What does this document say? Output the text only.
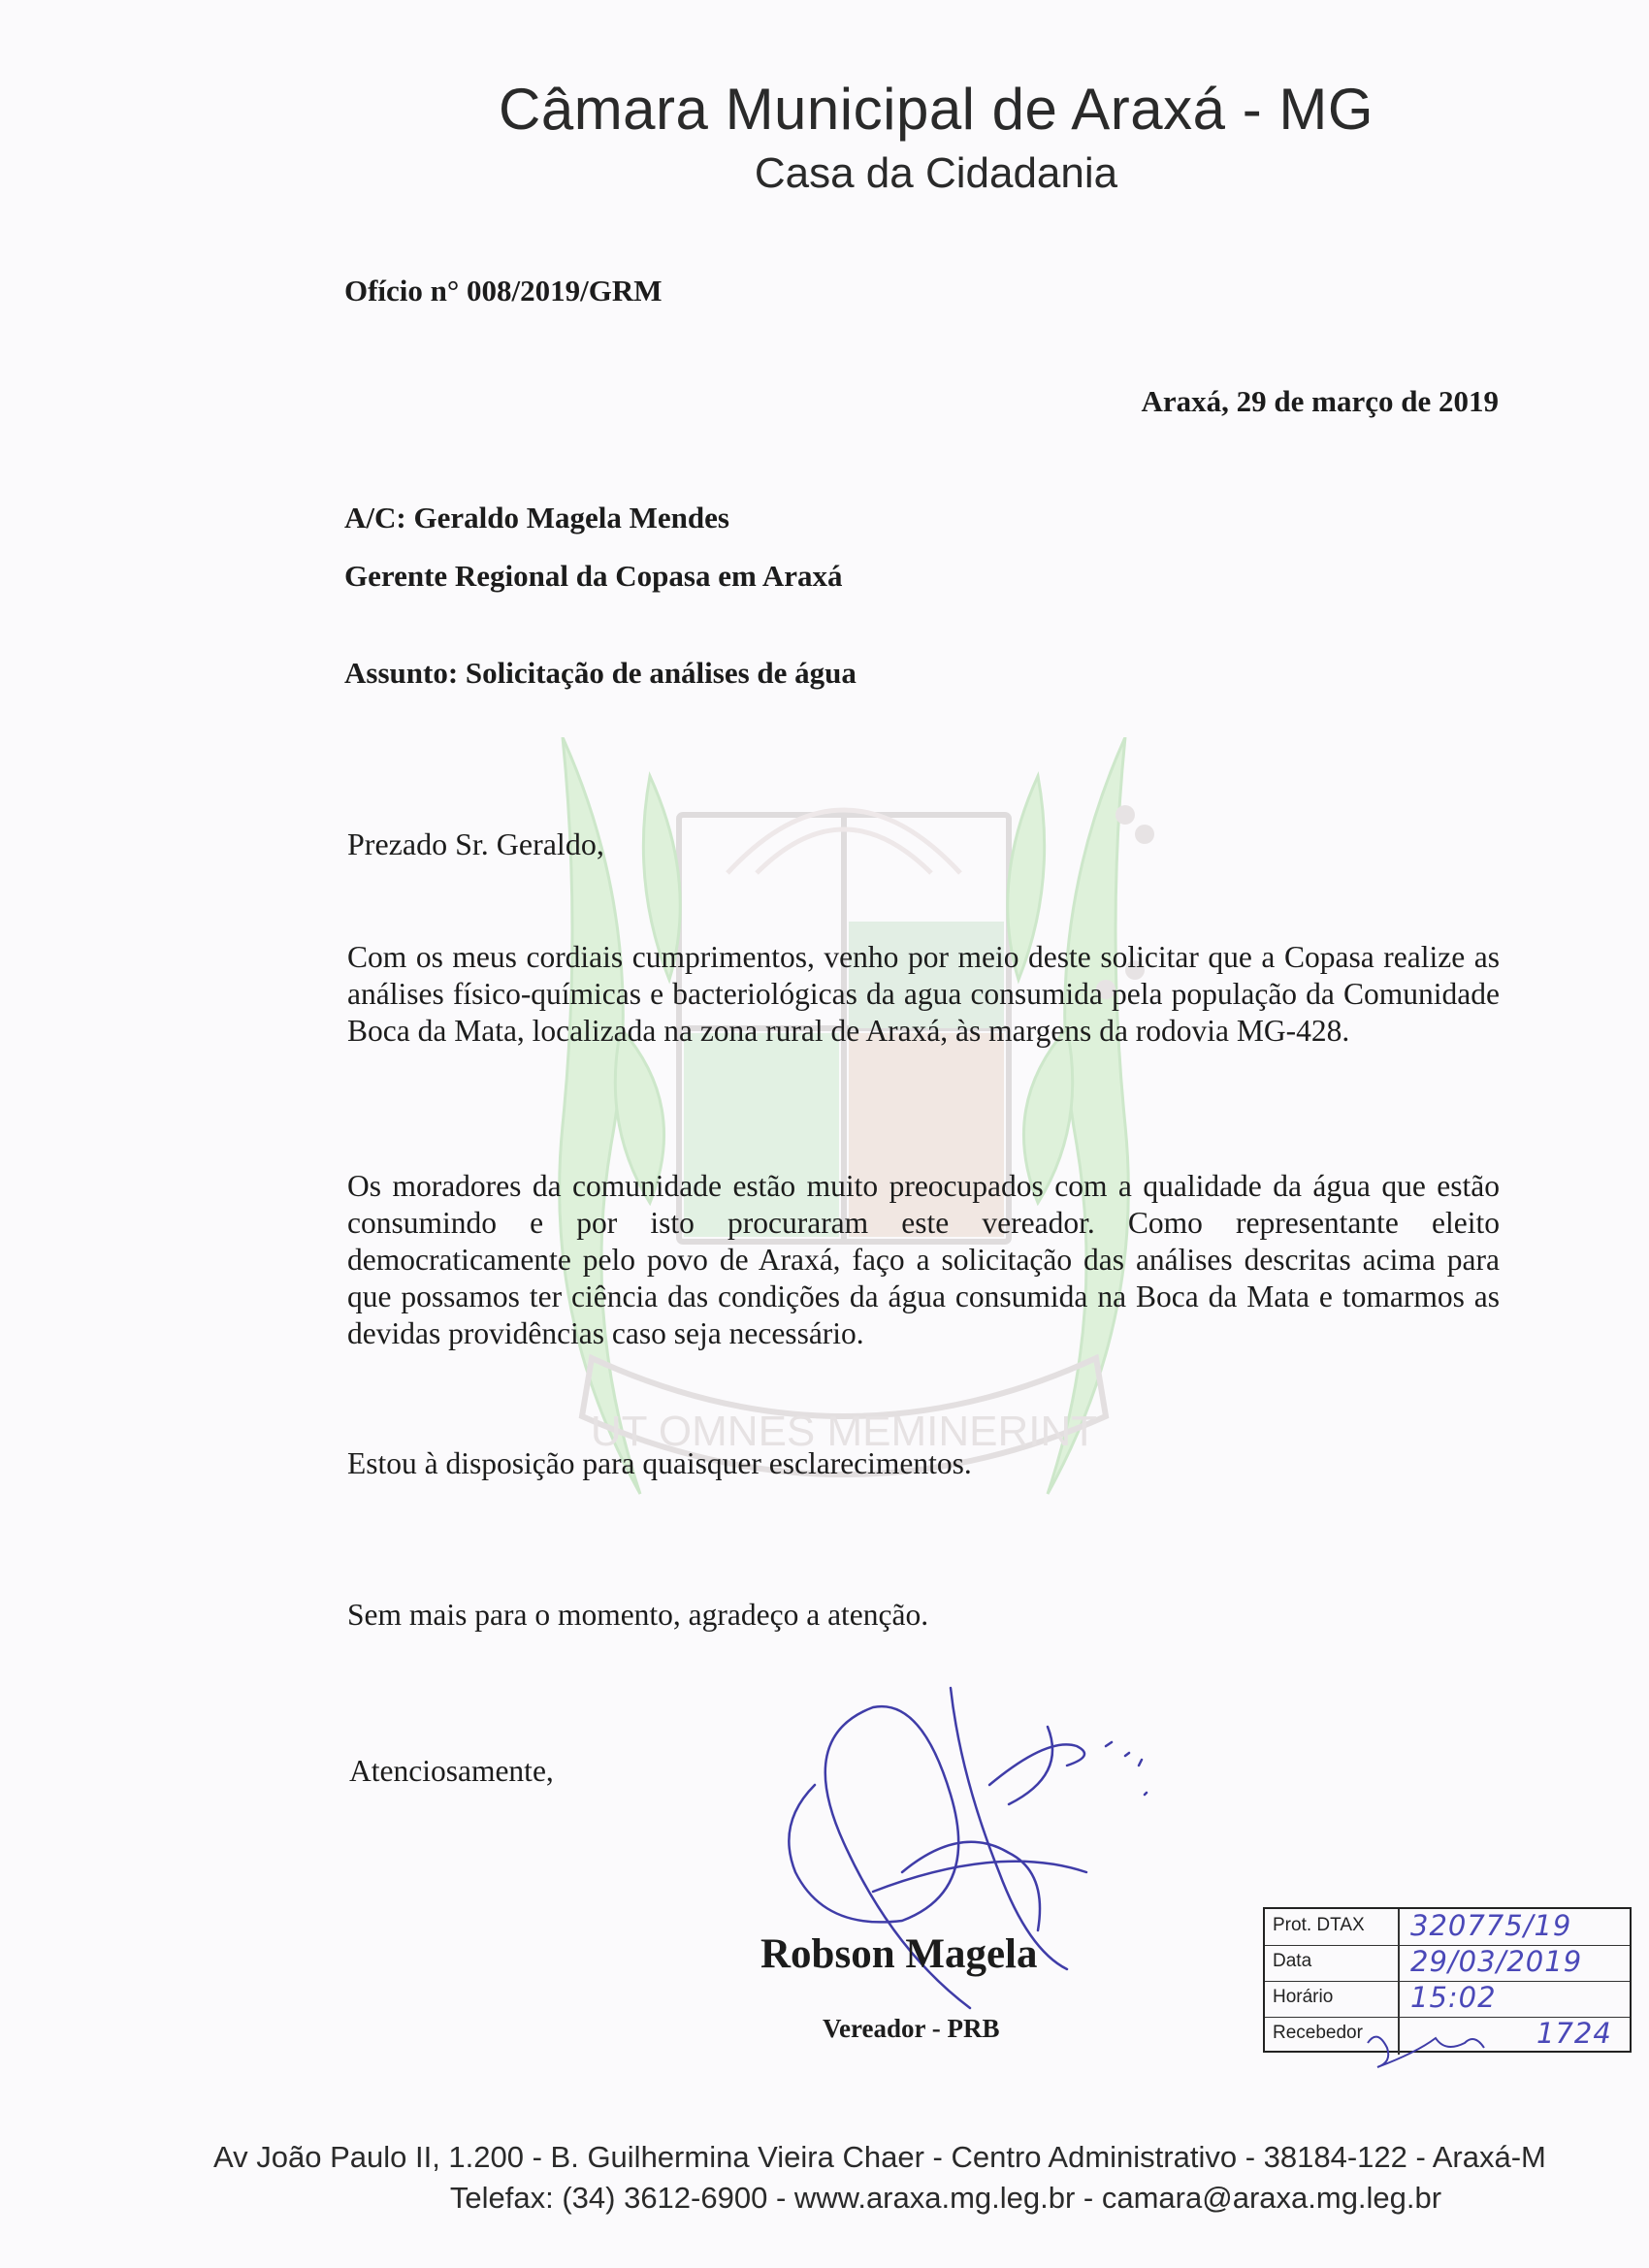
UT OMNES MEMINERINT
Câmara Municipal de Araxá - MG
Casa da Cidadania
Ofício n° 008/2019/GRM
Araxá, 29 de março de 2019
A/C: Geraldo Magela Mendes
Gerente Regional da Copasa em Araxá
Assunto: Solicitação de análises de água
Prezado Sr. Geraldo,
Com os meus cordiais cumprimentos, venho por meio deste solicitar que a Copasa realize as análises físico-químicas e bacteriológicas da agua consumida pela população da Comunidade Boca da Mata, localizada na zona rural de Araxá, às margens da rodovia MG-428.
Os moradores da comunidade estão muito preocupados com a qualidade da água que estão consumindo e por isto procuraram este vereador. Como representante eleito democraticamente pelo povo de Araxá, faço a solicitação das análises descritas acima para que possamos ter ciência das condições da água consumida na Boca da Mata e tomarmos as devidas providências caso seja necessário.
Estou à disposição para quaisquer esclarecimentos.
Sem mais para o momento, agradeço a atenção.
Atenciosamente,
Robson Magela
Vereador - PRB
Prot. DTAX 320775/19
Data	29/03/2019
Horário	15:02
Recebedor	1724
Av João Paulo II, 1.200 - B. Guilhermina Vieira Chaer - Centro Administrativo - 38184-122 - Araxá-M
Telefax: (34) 3612-6900 - www.araxa.mg.leg.br - camara@araxa.mg.leg.br
